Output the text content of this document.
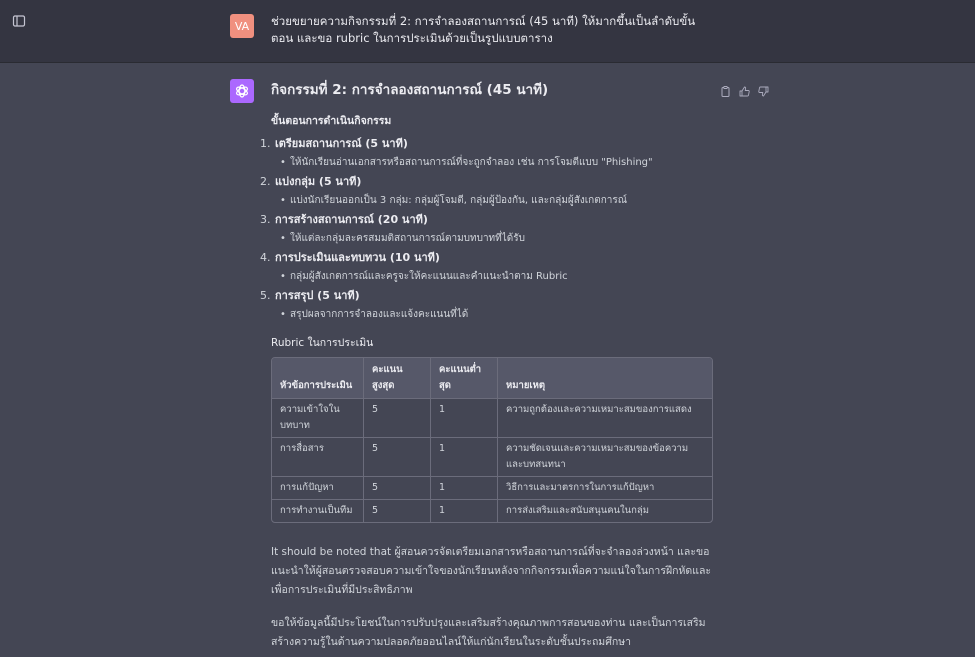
VA	ช่วยขยายความกิจกรรมที่ 2: การจำลองสถานการณ์ (45 นาที) ให้มากขึ้นเป็นลำดับขั้นตอน และขอ rubric ในการประเมินด้วยเป็นรูปแบบตาราง
กิจกรรมที่ 2: การจำลองสถานการณ์ (45 นาที)
ขั้นตอนการดำเนินกิจกรรม
1. เตรียมสถานการณ์ (5 นาที)
• ให้นักเรียนอ่านเอกสารหรือสถานการณ์ที่จะถูกจำลอง เช่น การโจมตีแบบ "Phishing"
2. แบ่งกลุ่ม (5 นาที)
• แบ่งนักเรียนออกเป็น 3 กลุ่ม: กลุ่มผู้โจมตี, กลุ่มผู้ป้องกัน, และกลุ่มผู้สังเกตการณ์
3. การสร้างสถานการณ์ (20 นาที)
• ให้แต่ละกลุ่มละครสมมติสถานการณ์ตามบทบาทที่ได้รับ
4. การประเมินและทบทวน (10 นาที)
• กลุ่มผู้สังเกตการณ์และครูจะให้คะแนนและคำแนะนำตาม Rubric
5. การสรุป (5 นาที)
• สรุปผลจากการจำลองและแจ้งคะแนนที่ได้
Rubric ในการประเมิน
หัวข้อการประเมิน	คะแนนสูงสุด	คะแนนต่ำสุด	หมายเหตุ
ความเข้าใจในบทบาท	5	1	ความถูกต้องและความเหมาะสมของการแสดง
การสื่อสาร	5	1	ความชัดเจนและความเหมาะสมของข้อความและบทสนทนา
การแก้ปัญหา	5	1	วิธีการและมาตรการในการแก้ปัญหา
การทำงานเป็นทีม	5	1	การส่งเสริมและสนับสนุนคนในกลุ่ม

It should be noted that ผู้สอนควรจัดเตรียมเอกสารหรือสถานการณ์ที่จะจำลองล่วงหน้า และขอแนะนำให้ผู้สอนตรวจสอบความเข้าใจของนักเรียนหลังจากกิจกรรมเพื่อความแน่ใจในการฝึกหัดและเพื่อการประเมินที่มีประสิทธิภาพ

ขอให้ข้อมูลนี้มีประโยชน์ในการปรับปรุงและเสริมสร้างคุณภาพการสอนของท่าน และเป็นการเสริมสร้างความรู้ในด้านความปลอดภัยออนไลน์ให้แก่นักเรียนในระดับชั้นประถมศึกษา
